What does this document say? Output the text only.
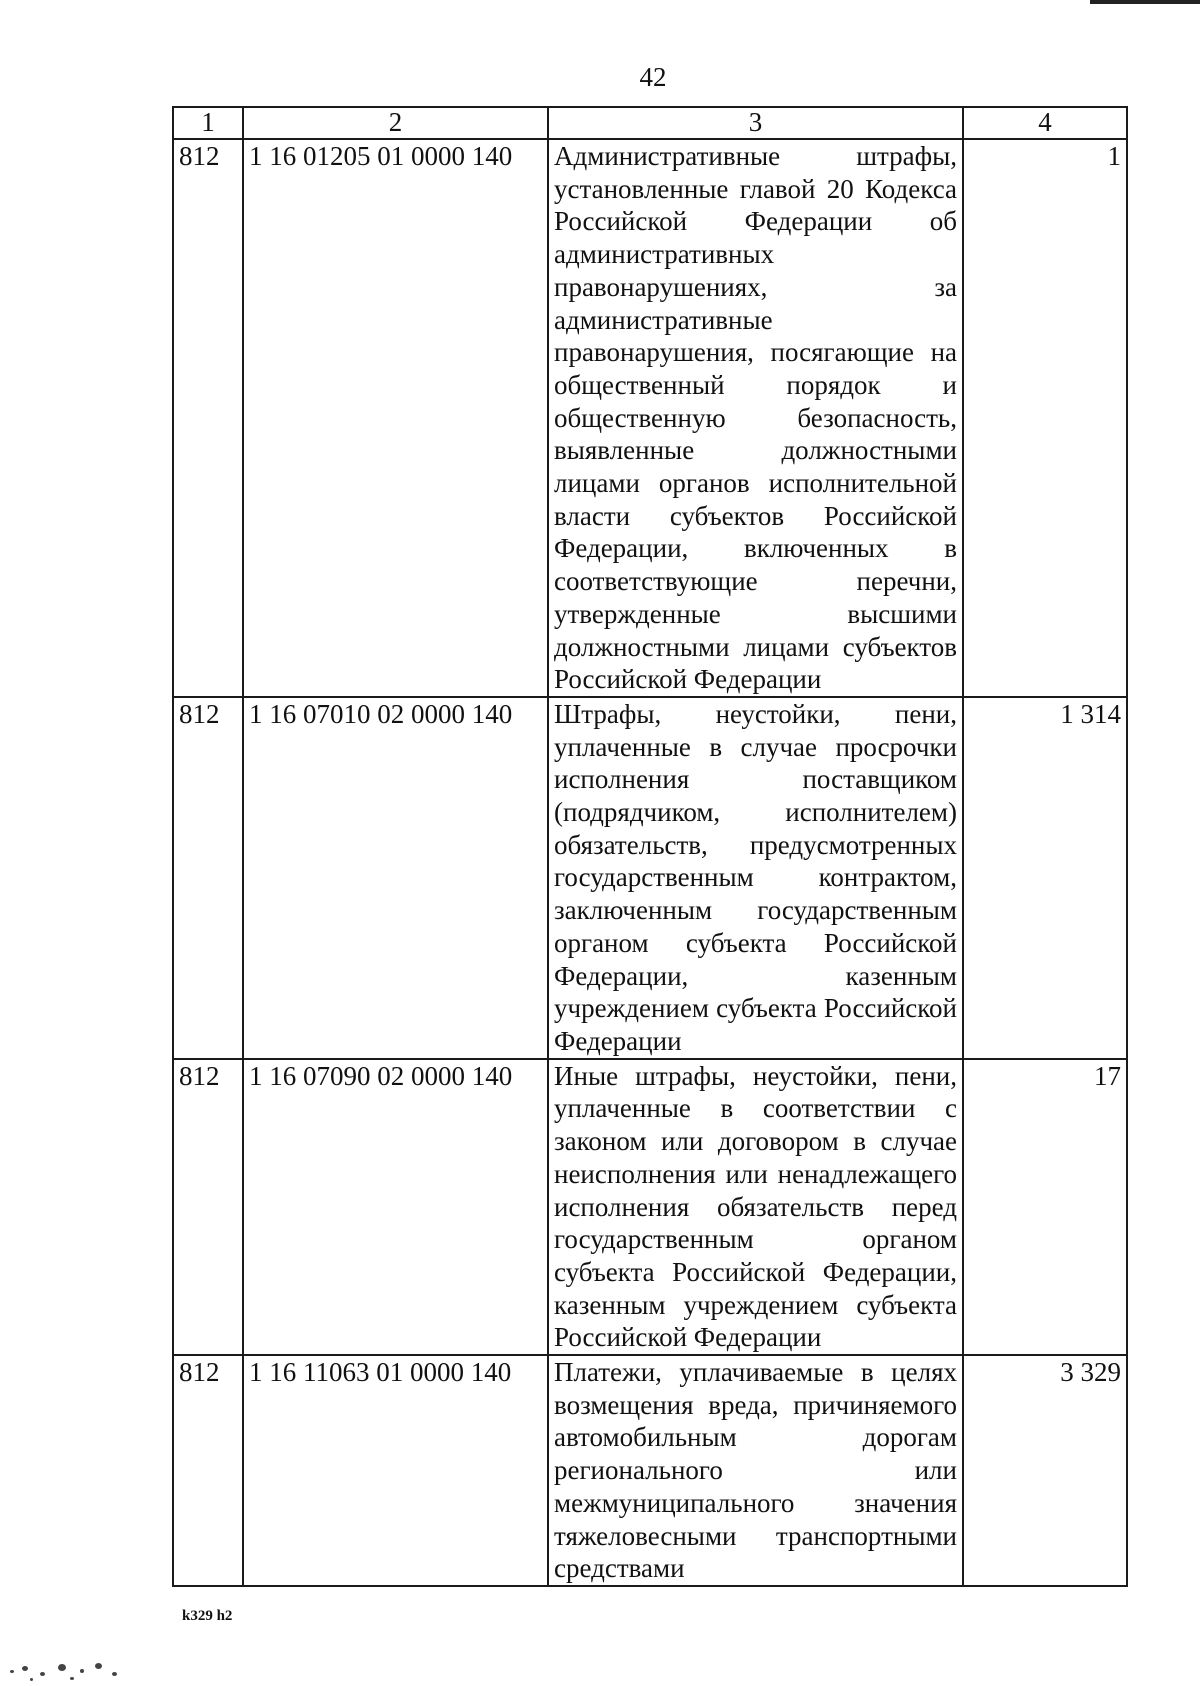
42
1	2	3	4
812	1 16 01205 01 0000 140	Административные штрафы, установленные главой 20 Кодекса Российской Федерации об административных правонарушениях, за административные правонарушения, посягающие на общественный порядок и общественную безопасность, выявленные должностными лицами органов исполнительной власти субъектов Российской Федерации, включенных в соответствующие перечни, утвержденные высшими должностными лицами субъектов Российской Федерации	1
812	1 16 07010 02 0000 140	Штрафы, неустойки, пени, уплаченные в случае просрочки исполнения поставщиком (подрядчиком, исполнителем) обязательств, предусмотренных государственным контрактом, заключенным государственным органом субъекта Российской Федерации, казенным учреждением субъекта Российской Федерации	1 314
812	1 16 07090 02 0000 140	Иные штрафы, неустойки, пени, уплаченные в соответствии с законом или договором в случае неисполнения или ненадлежащего исполнения обязательств перед государственным органом субъекта Российской Федерации, казенным учреждением субъекта Российской Федерации	17
812	1 16 11063 01 0000 140	Платежи, уплачиваемые в целях возмещения вреда, причиняемого автомобильным дорогам регионального или межмуниципального значения тяжеловесными транспортными средствами	3 329
k329 h2
